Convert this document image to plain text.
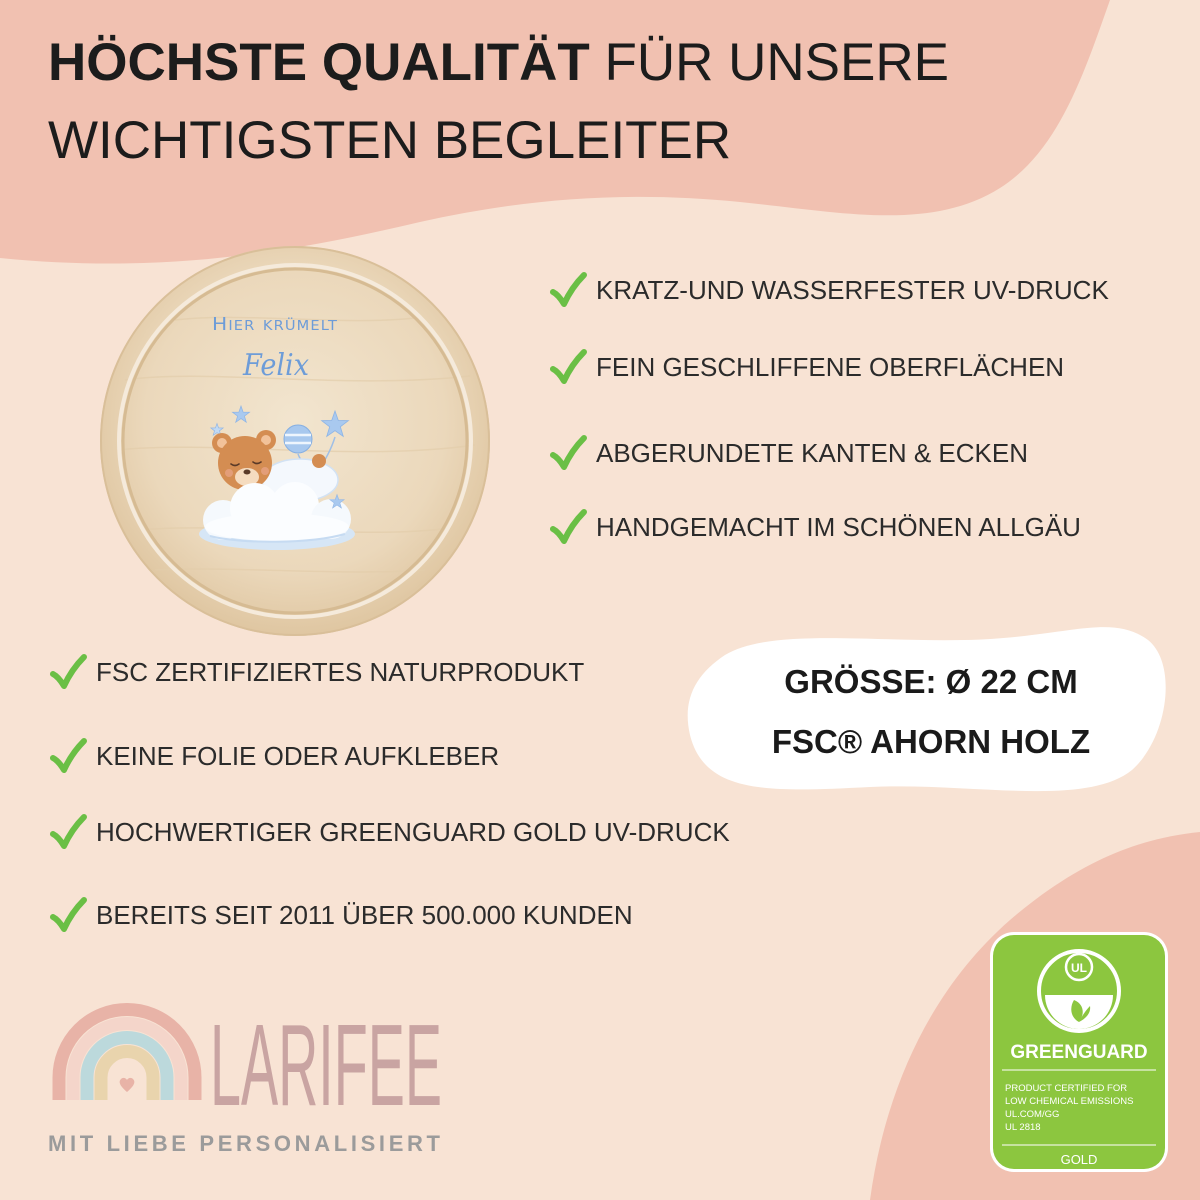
HÖCHSTE QUALITÄT FÜR UNSERE
WICHTIGSTEN BEGLEITER
Hier krümelt
Felix
KRATZ-UND WASSERFESTER UV-DRUCK
FEIN GESCHLIFFENE OBERFLÄCHEN
ABGERUNDETE KANTEN & ECKEN
HANDGEMACHT IM SCHÖNEN ALLGÄU
FSC ZERTIFIZIERTES NATURPRODUKT
KEINE FOLIE ODER AUFKLEBER
HOCHWERTIGER GREENGUARD GOLD UV-DRUCK
BEREITS SEIT 2011 ÜBER 500.000 KUNDEN
GRÖSSE: Ø 22 CM
FSC® AHORN HOLZ
LARIFEE
MIT LIEBE PERSONALISIERT
UL
GREENGUARD
PRODUCT CERTIFIED FOR
LOW CHEMICAL EMISSIONS
UL.COM/GG
UL 2818
GOLD
